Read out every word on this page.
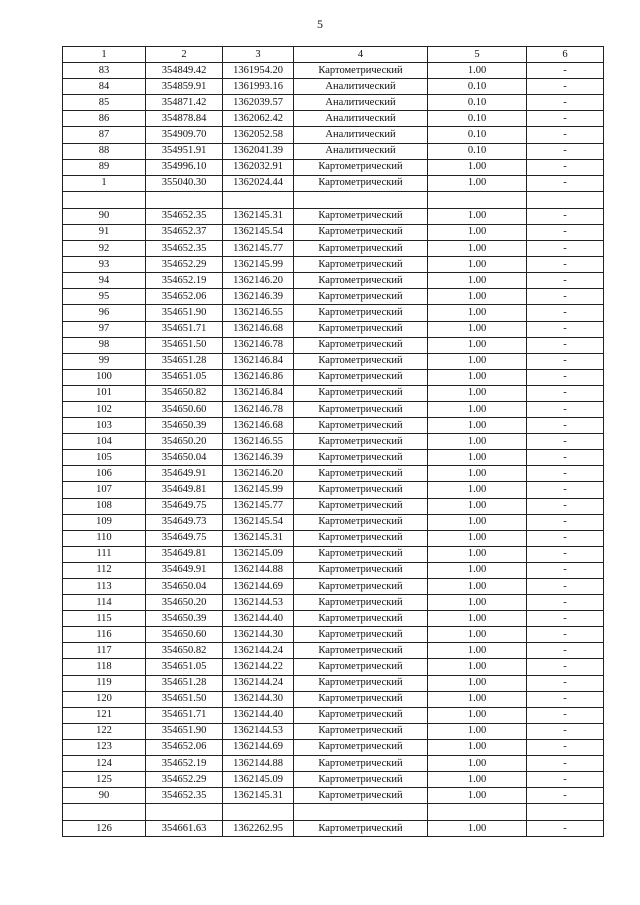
5
1	2	3	4	5	6
83	354849.42	1361954.20	Картометрический	1.00	-
84	354859.91	1361993.16	Аналитический	0.10	-
85	354871.42	1362039.57	Аналитический	0.10	-
86	354878.84	1362062.42	Аналитический	0.10	-
87	354909.70	1362052.58	Аналитический	0.10	-
88	354951.91	1362041.39	Аналитический	0.10	-
89	354996.10	1362032.91	Картометрический	1.00	-
1	355040.30	1362024.44	Картометрический	1.00	-

90	354652.35	1362145.31	Картометрический	1.00	-
91	354652.37	1362145.54	Картометрический	1.00	-
92	354652.35	1362145.77	Картометрический	1.00	-
93	354652.29	1362145.99	Картометрический	1.00	-
94	354652.19	1362146.20	Картометрический	1.00	-
95	354652.06	1362146.39	Картометрический	1.00	-
96	354651.90	1362146.55	Картометрический	1.00	-
97	354651.71	1362146.68	Картометрический	1.00	-
98	354651.50	1362146.78	Картометрический	1.00	-
99	354651.28	1362146.84	Картометрический	1.00	-
100	354651.05	1362146.86	Картометрический	1.00	-
101	354650.82	1362146.84	Картометрический	1.00	-
102	354650.60	1362146.78	Картометрический	1.00	-
103	354650.39	1362146.68	Картометрический	1.00	-
104	354650.20	1362146.55	Картометрический	1.00	-
105	354650.04	1362146.39	Картометрический	1.00	-
106	354649.91	1362146.20	Картометрический	1.00	-
107	354649.81	1362145.99	Картометрический	1.00	-
108	354649.75	1362145.77	Картометрический	1.00	-
109	354649.73	1362145.54	Картометрический	1.00	-
110	354649.75	1362145.31	Картометрический	1.00	-
111	354649.81	1362145.09	Картометрический	1.00	-
112	354649.91	1362144.88	Картометрический	1.00	-
113	354650.04	1362144.69	Картометрический	1.00	-
114	354650.20	1362144.53	Картометрический	1.00	-
115	354650.39	1362144.40	Картометрический	1.00	-
116	354650.60	1362144.30	Картометрический	1.00	-
117	354650.82	1362144.24	Картометрический	1.00	-
118	354651.05	1362144.22	Картометрический	1.00	-
119	354651.28	1362144.24	Картометрический	1.00	-
120	354651.50	1362144.30	Картометрический	1.00	-
121	354651.71	1362144.40	Картометрический	1.00	-
122	354651.90	1362144.53	Картометрический	1.00	-
123	354652.06	1362144.69	Картометрический	1.00	-
124	354652.19	1362144.88	Картометрический	1.00	-
125	354652.29	1362145.09	Картометрический	1.00	-
90	354652.35	1362145.31	Картометрический	1.00	-

126	354661.63	1362262.95	Картометрический	1.00	-
